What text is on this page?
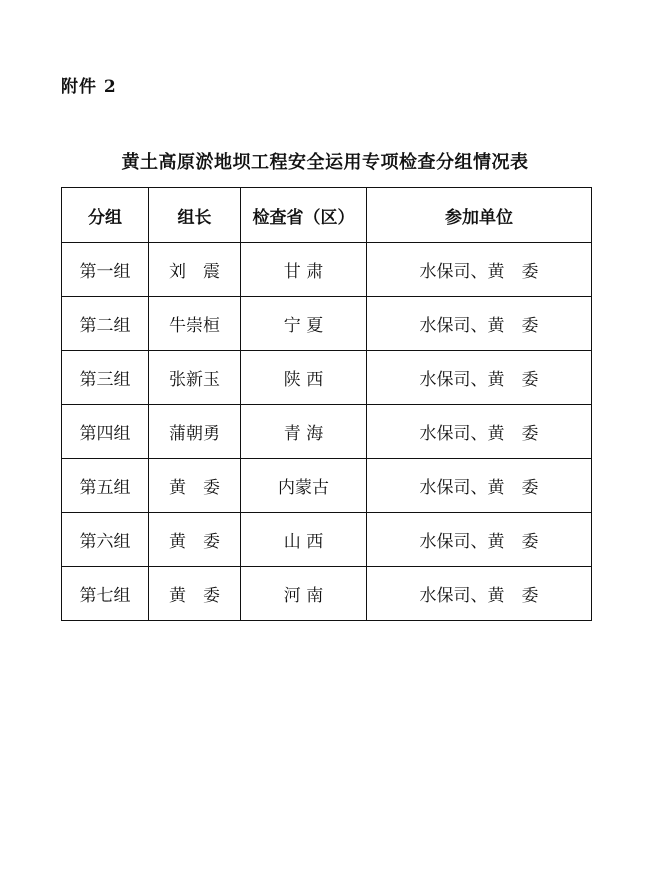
附件 2
黄土高原淤地坝工程安全运用专项检查分组情况表
分组	组长	检查省（区）	参加单位
第一组	刘　震	甘 肃	水保司、黄　委
第二组	牛崇桓	宁 夏	水保司、黄　委
第三组	张新玉	陕 西	水保司、黄　委
第四组	蒲朝勇	青 海	水保司、黄　委
第五组	黄　委	内蒙古	水保司、黄　委
第六组	黄　委	山 西	水保司、黄　委
第七组	黄　委	河 南	水保司、黄　委
